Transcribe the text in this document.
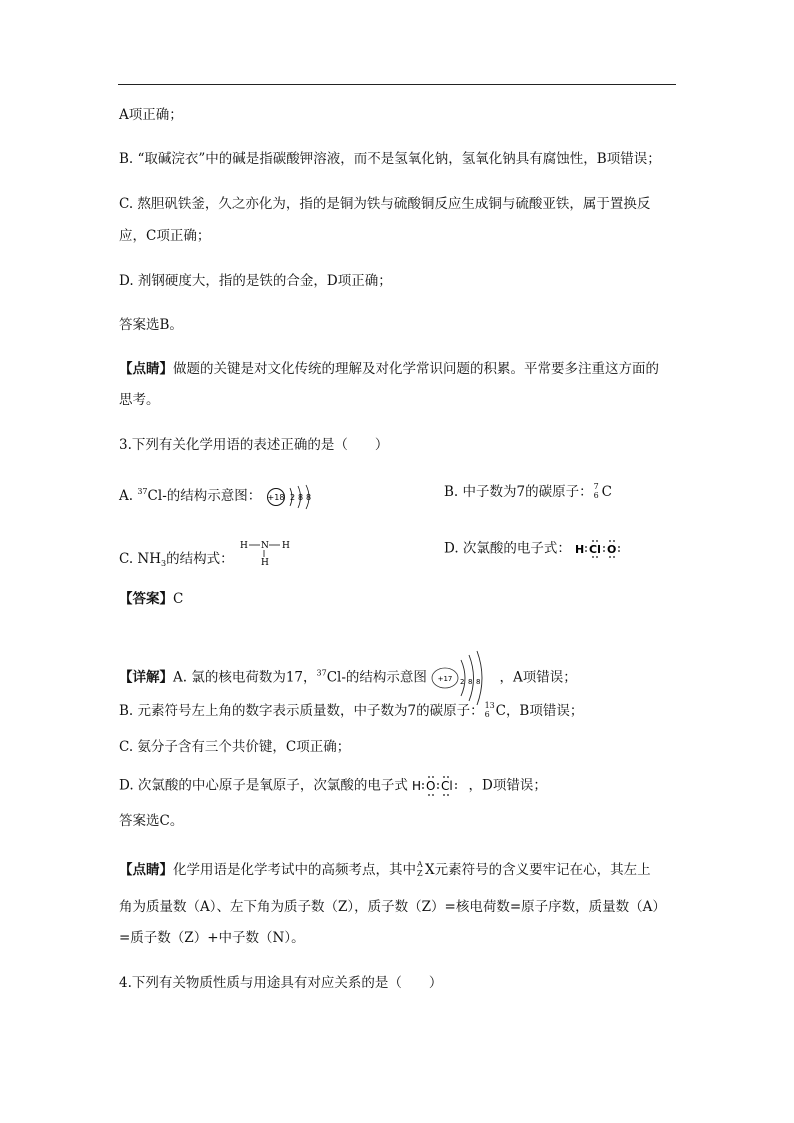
A项正确；
B. “取碱浣衣”中的碱是指碳酸钾溶液，而不是氢氧化钠，氢氧化钠具有腐蚀性，B项错误；
C. 熬胆矾铁釜，久之亦化为，指的是铜为铁与硫酸铜反应生成铜与硫酸亚铁，属于置换反
应，C项正确；
D. 剂钢硬度大，指的是铁的合金，D项正确；
答案选B。
【点睛】做题的关键是对文化传统的理解及对化学常识问题的积累。平常要多注重这方面的
思考。
3.下列有关化学用语的表述正确的是（　　）
A. $^{37}$Cl-的结构示意图： +18 2 8 8	B. 中子数为7的碳原子： 7
6 C
C. $NH_3$的结构式：
H N H
H
D. 次氯酸的电子式： H Cl O
【答案】C
【详解】A. 氯的核电荷数为17，$^{37}$Cl-的结构示意图 +17 2 8 8 ，A项错误；
B. 元素符号左上角的数字表示质量数，中子数为7的碳原子： 13
6 C，B项错误；
C. 氨分子含有三个共价键，C项正确；
D. 次氯酸的中心原子是氧原子，次氯酸的电子式 H O Cl ，D项错误；
答案选C。
【点睛】化学用语是化学考试中的高频考点，其中 A
Z X元素符号的含义要牢记在心，其左上
角为质量数（A）、左下角为质子数（Z），质子数（Z）=核电荷数=原子序数，质量数（A）
=质子数（Z）+中子数（N）。
4.下列有关物质性质与用途具有对应关系的是（　　）
